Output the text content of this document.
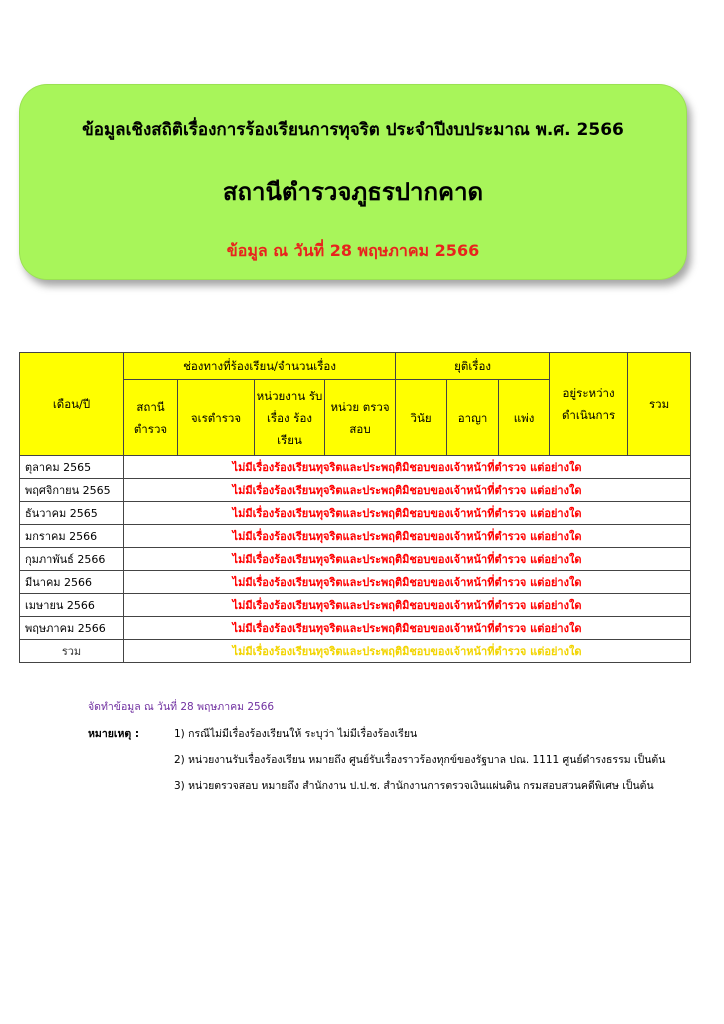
ข้อมูลเชิงสถิติเรื่องการร้องเรียนการทุจริต ประจำปีงบประมาณ พ.ศ. 2566
สถานีตำรวจภูธรปากคาด
ข้อมูล ณ วันที่ 28 พฤษภาคม 2566
เดือน/ปี	ช่องทางที่ร้องเรียน/จำนวนเรื่อง				ยุติเรื่อง			อยู่ระหว่าง ดำเนินการ	รวม
	สถานี ตำรวจ	จเรตำรวจ	หน่วยงาน รับเรื่อง ร้องเรียน	หน่วย ตรวจสอบ	วินัย	อาญา	แพ่ง		
ตุลาคม 2565	ไม่มีเรื่องร้องเรียนทุจริตและประพฤติมิชอบของเจ้าหน้าที่ตำรวจ แต่อย่างใด								
พฤศจิกายน 2565	ไม่มีเรื่องร้องเรียนทุจริตและประพฤติมิชอบของเจ้าหน้าที่ตำรวจ แต่อย่างใด								
ธันวาคม 2565	ไม่มีเรื่องร้องเรียนทุจริตและประพฤติมิชอบของเจ้าหน้าที่ตำรวจ แต่อย่างใด								
มกราคม 2566	ไม่มีเรื่องร้องเรียนทุจริตและประพฤติมิชอบของเจ้าหน้าที่ตำรวจ แต่อย่างใด								
กุมภาพันธ์ 2566	ไม่มีเรื่องร้องเรียนทุจริตและประพฤติมิชอบของเจ้าหน้าที่ตำรวจ แต่อย่างใด								
มีนาคม 2566	ไม่มีเรื่องร้องเรียนทุจริตและประพฤติมิชอบของเจ้าหน้าที่ตำรวจ แต่อย่างใด								
เมษายน 2566	ไม่มีเรื่องร้องเรียนทุจริตและประพฤติมิชอบของเจ้าหน้าที่ตำรวจ แต่อย่างใด								
พฤษภาคม 2566	ไม่มีเรื่องร้องเรียนทุจริตและประพฤติมิชอบของเจ้าหน้าที่ตำรวจ แต่อย่างใด								
รวม	ไม่มีเรื่องร้องเรียนทุจริตและประพฤติมิชอบของเจ้าหน้าที่ตำรวจ แต่อย่างใด								
จัดทำข้อมูล ณ วันที่ 28 พฤษภาคม 2566
หมายเหตุ :	1) กรณีไม่มีเรื่องร้องเรียนให้ ระบุว่า ไม่มีเรื่องร้องเรียน
2) หน่วยงานรับเรื่องร้องเรียน หมายถึง ศูนย์รับเรื่องราวร้องทุกข์ของรัฐบาล ปณ. 1111 ศูนย์ดำรงธรรม เป็นต้น
3) หน่วยตรวจสอบ หมายถึง สำนักงาน ป.ป.ช. สำนักงานการตรวจเงินแผ่นดิน กรมสอบสวนคดีพิเศษ เป็นต้น
